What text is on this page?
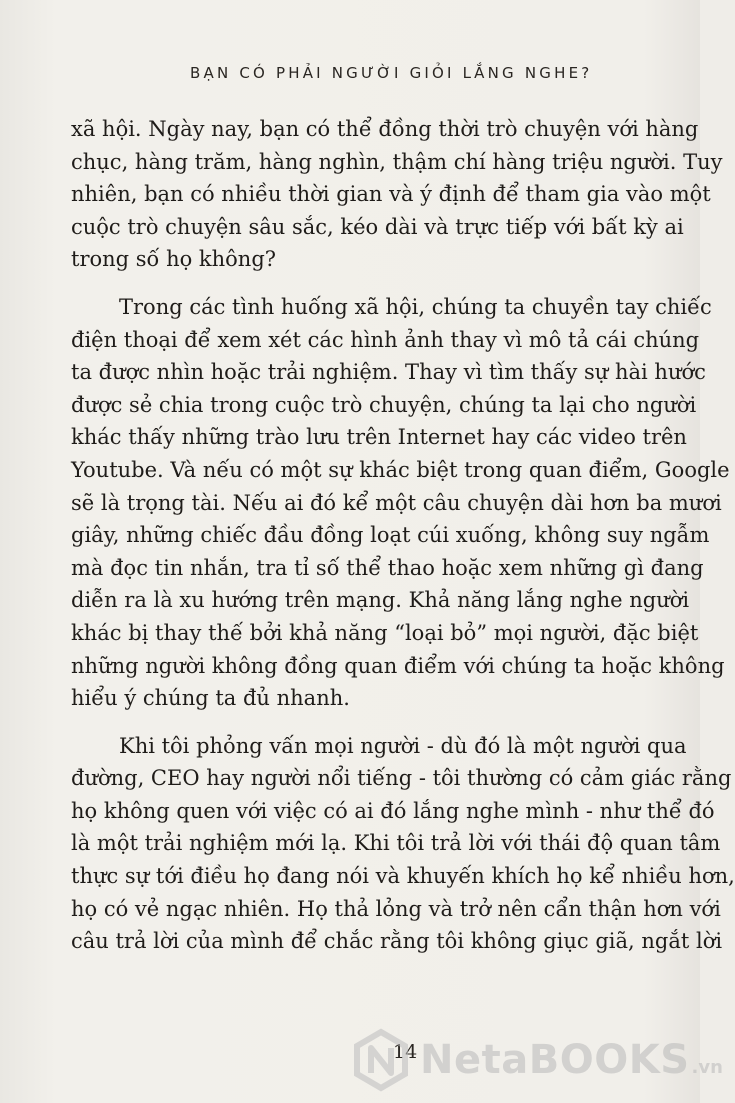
BẠN CÓ PHẢI NGƯỜI GIỎI LẮNG NGHE?

xã hội. Ngày nay, bạn có thể đồng thời trò chuyện với hàng
chục, hàng trăm, hàng nghìn, thậm chí hàng triệu người. Tuy
nhiên, bạn có nhiều thời gian và ý định để tham gia vào một
cuộc trò chuyện sâu sắc, kéo dài và trực tiếp với bất kỳ ai
trong số họ không?

Trong các tình huống xã hội, chúng ta chuyền tay chiếc
điện thoại để xem xét các hình ảnh thay vì mô tả cái chúng
ta được nhìn hoặc trải nghiệm. Thay vì tìm thấy sự hài hước
được sẻ chia trong cuộc trò chuyện, chúng ta lại cho người
khác thấy những trào lưu trên Internet hay các video trên
Youtube. Và nếu có một sự khác biệt trong quan điểm, Google
sẽ là trọng tài. Nếu ai đó kể một câu chuyện dài hơn ba mươi
giây, những chiếc đầu đồng loạt cúi xuống, không suy ngẫm
mà đọc tin nhắn, tra tỉ số thể thao hoặc xem những gì đang
diễn ra là xu hướng trên mạng. Khả năng lắng nghe người
khác bị thay thế bởi khả năng “loại bỏ” mọi người, đặc biệt
những người không đồng quan điểm với chúng ta hoặc không
hiểu ý chúng ta đủ nhanh.

Khi tôi phỏng vấn mọi người - dù đó là một người qua
đường, CEO hay người nổi tiếng - tôi thường có cảm giác rằng
họ không quen với việc có ai đó lắng nghe mình - như thể đó
là một trải nghiệm mới lạ. Khi tôi trả lời với thái độ quan tâm
thực sự tới điều họ đang nói và khuyến khích họ kể nhiều hơn,
họ có vẻ ngạc nhiên. Họ thả lỏng và trở nên cẩn thận hơn với
câu trả lời của mình để chắc rằng tôi không giục giã, ngắt lời

14 NetaBOOKS .vn
